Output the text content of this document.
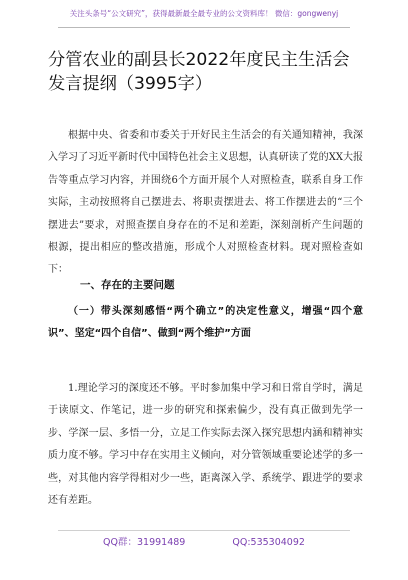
关注头条号“公文研究”，获得最新最全最专业的公文资料库！ 微信：gongwenyj
分管农业的副县长2022年度民主生活会发言提纲（3995字）
根据中央、省委和市委关于开好民主生活会的有关通知精神，我深入学习了习近平新时代中国特色社会主义思想，认真研读了党的XX大报告等重点学习内容，并围绕6个方面开展个人对照检查，联系自身工作实际，主动按照将自己摆进去、将职责摆进去、将工作摆进去的“三个摆进去”要求，对照查摆自身存在的不足和差距，深刻剖析产生问题的根源，提出相应的整改措施，形成个人对照检查材料。现对照检查如下：
一、存在的主要问题
（一）带头深刻感悟“两个确立”的决定性意义，增强“四个意识”、坚定“四个自信”、做到“两个维护”方面
1.理论学习的深度还不够。平时参加集中学习和日常自学时，满足于读原文、作笔记，进一步的研究和探索偏少，没有真正做到先学一步、学深一层、多悟一分，立足工作实际去深入探究思想内涵和精神实质力度不够。学习中存在实用主义倾向，对分管领域重要论述学的多一些，对其他内容学得相对少一些，距离深入学、系统学、跟进学的要求还有差距。
QQ群：31991489	QQ:535304092
